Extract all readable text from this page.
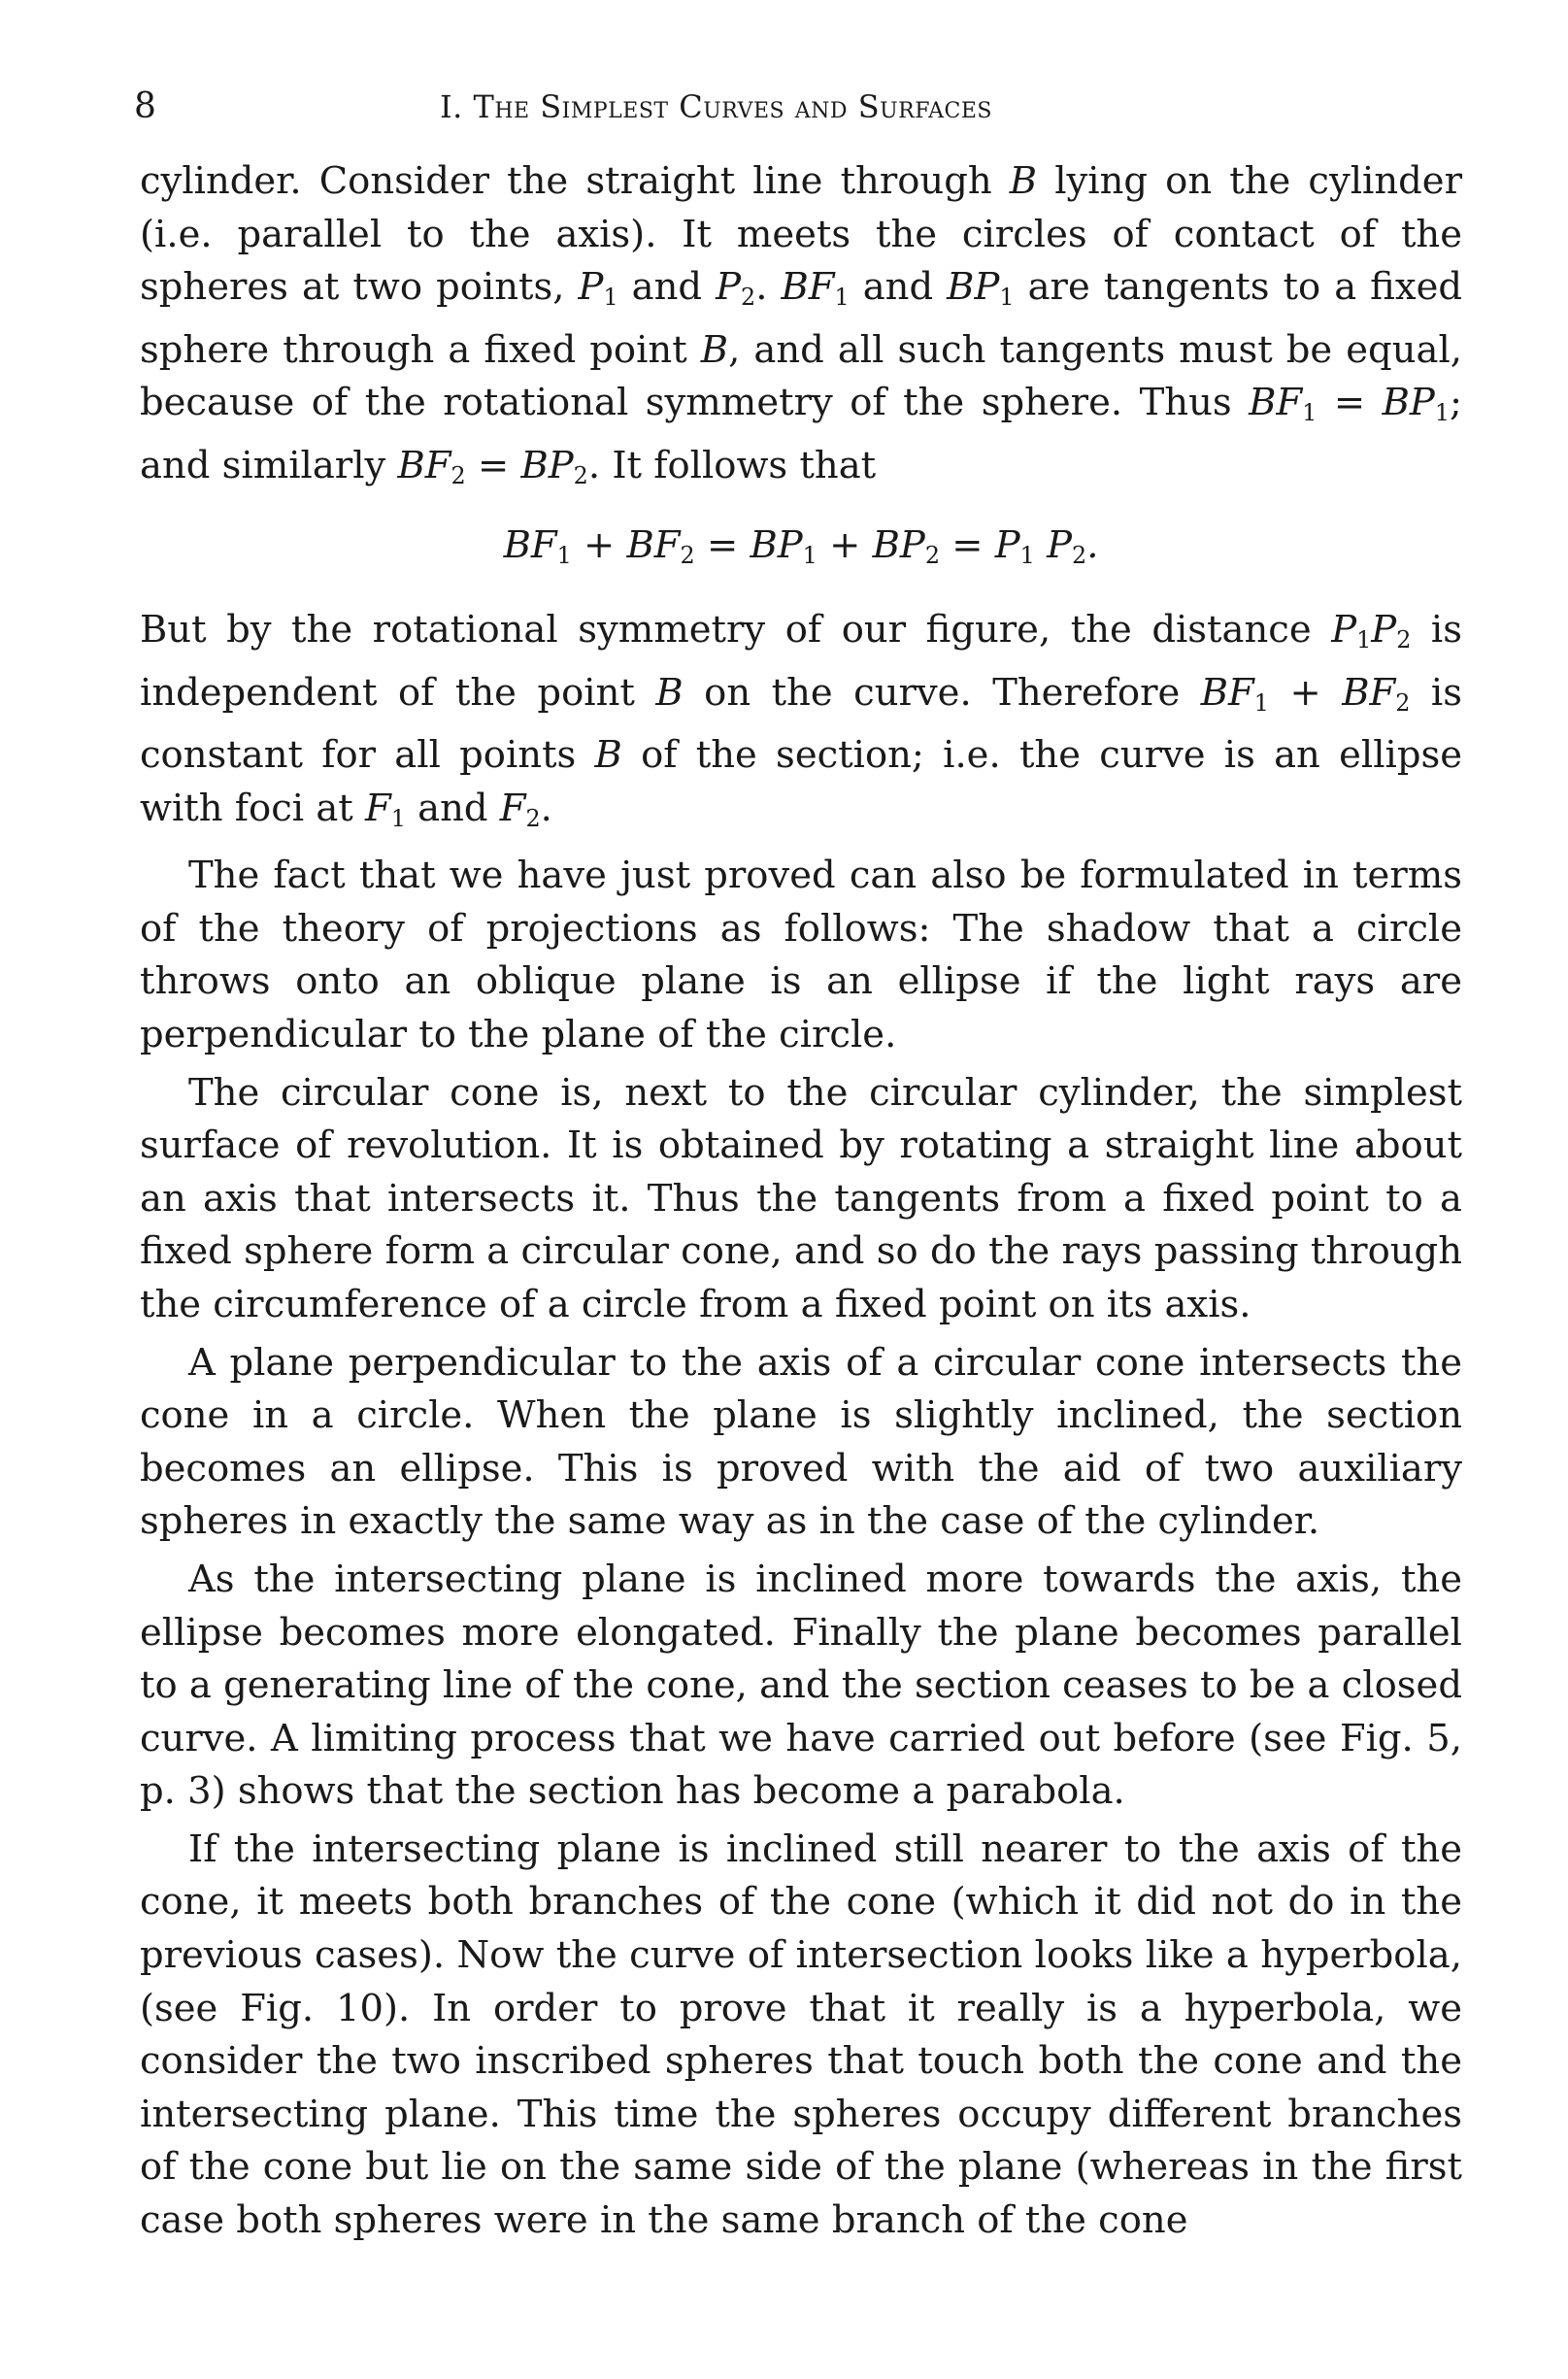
8	I. The Simplest Curves and Surfaces

cylinder. Consider the straight line through B lying on the cylinder (i.e. parallel to the axis). It meets the circles of contact of the spheres at two points, $P_1$ and $P_2$. $BF_1$ and $BP_1$ are tangents to a fixed sphere through a fixed point B, and all such tangents must be equal, because of the rotational symmetry of the sphere. Thus $BF_1 = BP_1$; and similarly $BF_2 = BP_2$. It follows that

$BF_1 + BF_2 = BP_1 + BP_2 = P_1$ $P_2$.

But by the rotational symmetry of our figure, the distance $P_1P_2$ is independent of the point B on the curve. Therefore $BF_1 + BF_2$ is constant for all points B of the section; i.e. the curve is an ellipse with foci at $F_1$ and $F_2$.

The fact that we have just proved can also be formulated in terms of the theory of projections as follows: The shadow that a circle throws onto an oblique plane is an ellipse if the light rays are perpendicular to the plane of the circle.

The circular cone is, next to the circular cylinder, the simplest surface of revolution. It is obtained by rotating a straight line about an axis that intersects it. Thus the tangents from a fixed point to a fixed sphere form a circular cone, and so do the rays passing through the circumference of a circle from a fixed point on its axis.

A plane perpendicular to the axis of a circular cone intersects the cone in a circle. When the plane is slightly inclined, the section becomes an ellipse. This is proved with the aid of two auxiliary spheres in exactly the same way as in the case of the cylinder.

As the intersecting plane is inclined more towards the axis, the ellipse becomes more elongated. Finally the plane becomes parallel to a generating line of the cone, and the section ceases to be a closed curve. A limiting process that we have carried out before (see Fig. 5, p. 3) shows that the section has become a parabola.

If the intersecting plane is inclined still nearer to the axis of the cone, it meets both branches of the cone (which it did not do in the previous cases). Now the curve of intersection looks like a hyperbola, (see Fig. 10). In order to prove that it really is a hyperbola, we consider the two inscribed spheres that touch both the cone and the intersecting plane. This time the spheres occupy different branches of the cone but lie on the same side of the plane (whereas in the first case both spheres were in the same branch of the cone
